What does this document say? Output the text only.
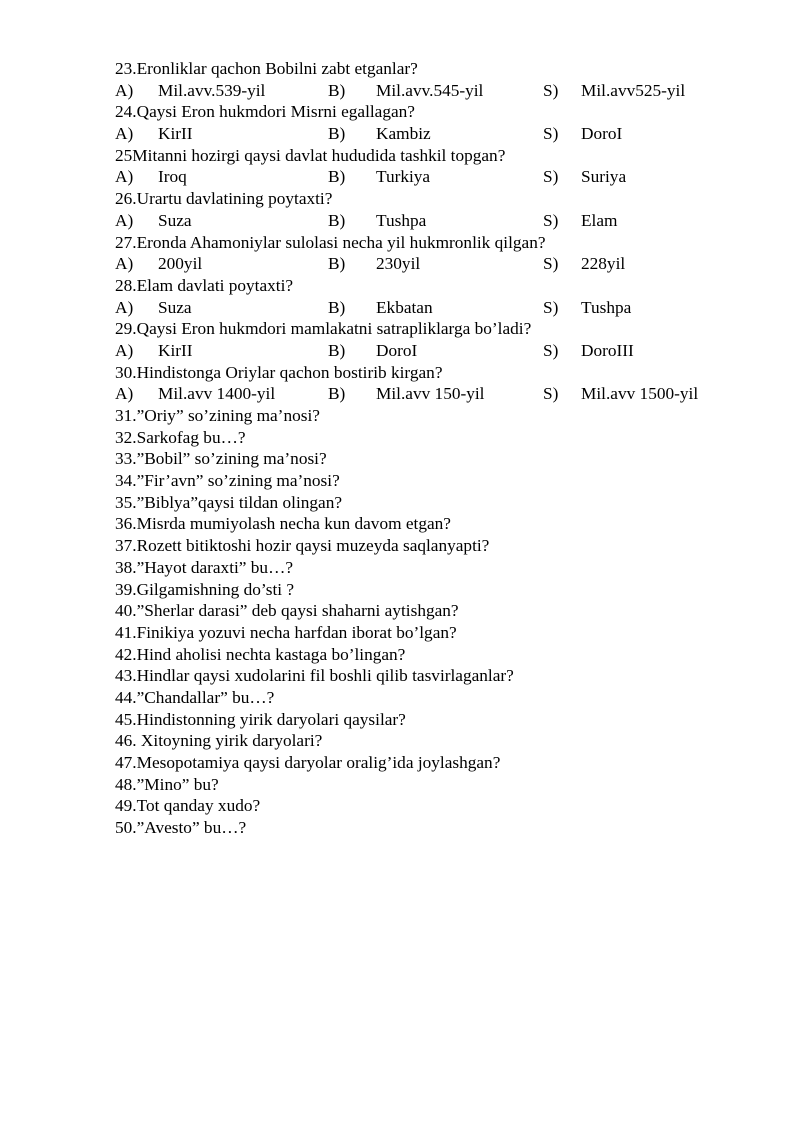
23.Eronliklar qachon Bobilni zabt etganlar?
A) Mil.avv.539-yil	B) Mil.avv.545-yil	S) Mil.avv525-yil
24.Qaysi Eron hukmdori Misrni egallagan?
A) KirII	B) Kambiz	S) DoroI
25Mitanni hozirgi qaysi davlat hududida tashkil topgan?
A) Iroq	B) Turkiya	S) Suriya
26.Urartu davlatining poytaxti?
A) Suza	B) Tushpa	S) Elam
27.Eronda Ahamoniylar sulolasi necha yil hukmronlik qilgan?
A) 200yil	B) 230yil	S) 228yil
28.Elam davlati poytaxti?
A) Suza	B) Ekbatan	S) Tushpa
29.Qaysi Eron hukmdori mamlakatni satrapliklarga bo’ladi?
A) KirII	B) DoroI	S) DoroIII
30.Hindistonga Oriylar qachon bostirib kirgan?
A) Mil.avv 1400-yil	B) Mil.avv 150-yil	S) Mil.avv 1500-yil
31.”Oriy” so’zining ma’nosi?
32.Sarkofag bu…?
33.”Bobil” so’zining ma’nosi?
34.”Fir’avn” so’zining ma’nosi?
35.”Biblya”qaysi tildan olingan?
36.Misrda mumiyolash necha kun davom etgan?
37.Rozett bitiktoshi hozir qaysi muzeyda saqlanyapti?
38.”Hayot daraxti” bu…?
39.Gilgamishning do’sti ?
40.”Sherlar darasi” deb qaysi shaharni aytishgan?
41.Finikiya yozuvi necha harfdan iborat bo’lgan?
42.Hind aholisi nechta kastaga bo’lingan?
43.Hindlar qaysi xudolarini fil boshli qilib tasvirlaganlar?
44.”Chandallar” bu…?
45.Hindistonning yirik daryolari qaysilar?
46. Xitoyning yirik daryolari?
47.Mesopotamiya qaysi daryolar oralig’ida joylashgan?
48.”Mino” bu?
49.Tot qanday xudo?
50.”Avesto” bu…?
